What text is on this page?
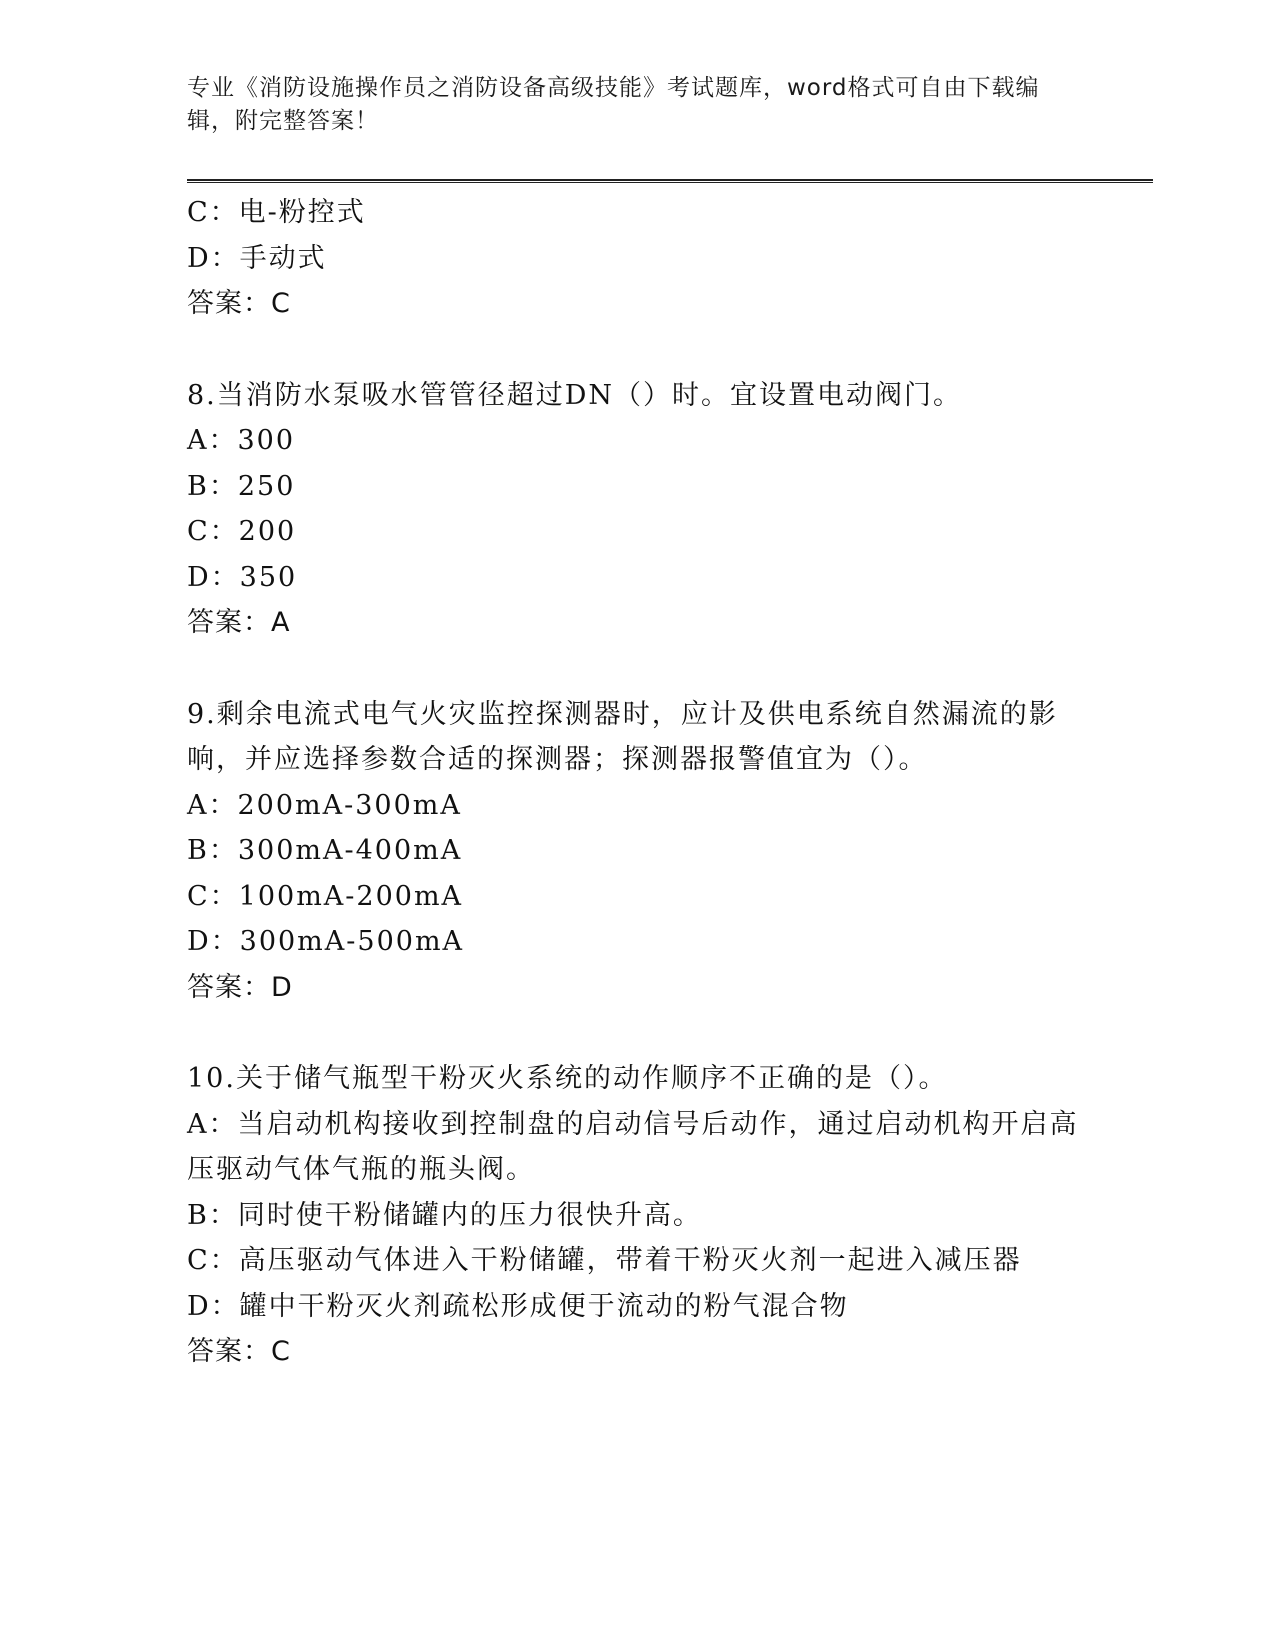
专业《消防设施操作员之消防设备高级技能》考试题库，word格式可自由下载编
辑，附完整答案！
C：电-粉控式
D：手动式
答案：C
8.当消防水泵吸水管管径超过DN（）时。宜设置电动阀门。
A：300
B：250
C：200
D：350
答案：A
9.剩余电流式电气火灾监控探测器时，应计及供电系统自然漏流的影
响，并应选择参数合适的探测器；探测器报警值宜为（）。
A：200mA-300mA
B：300mA-400mA
C：100mA-200mA
D：300mA-500mA
答案：D
10.关于储气瓶型干粉灭火系统的动作顺序不正确的是（）。
A：当启动机构接收到控制盘的启动信号后动作，通过启动机构开启高
压驱动气体气瓶的瓶头阀。
B：同时使干粉储罐内的压力很快升高。
C：高压驱动气体进入干粉储罐，带着干粉灭火剂一起进入减压器
D：罐中干粉灭火剂疏松形成便于流动的粉气混合物
答案：C
